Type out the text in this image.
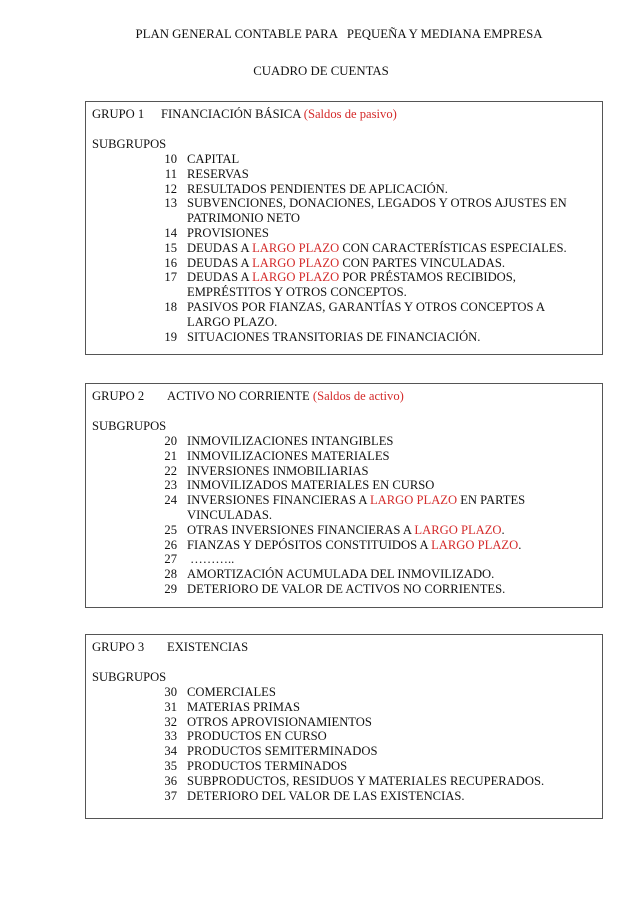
PLAN GENERAL CONTABLE PARA   PEQUEÑA Y MEDIANA EMPRESA
CUADRO DE CUENTAS
GRUPO 1 FINANCIACIÓN BÁSICA (Saldos de pasivo)
SUBGRUPOS
10 CAPITAL
11 RESERVAS
12 RESULTADOS PENDIENTES DE APLICACIÓN.
13 SUBVENCIONES, DONACIONES, LEGADOS Y OTROS AJUSTES EN PATRIMONIO NETO
14 PROVISIONES
15 DEUDAS A LARGO PLAZO CON CARACTERÍSTICAS ESPECIALES.
16 DEUDAS A LARGO PLAZO CON PARTES VINCULADAS.
17 DEUDAS A LARGO PLAZO POR PRÉSTAMOS RECIBIDOS, EMPRÉSTITOS Y OTROS CONCEPTOS.
18 PASIVOS POR FIANZAS, GARANTÍAS Y OTROS CONCEPTOS A LARGO PLAZO.
19 SITUACIONES TRANSITORIAS DE FINANCIACIÓN.
GRUPO 2 ACTIVO NO CORRIENTE (Saldos de activo)
SUBGRUPOS
20 INMOVILIZACIONES INTANGIBLES
21 INMOVILIZACIONES MATERIALES
22 INVERSIONES INMOBILIARIAS
23 INMOVILIZADOS MATERIALES EN CURSO
24 INVERSIONES FINANCIERAS A LARGO PLAZO EN PARTES VINCULADAS.
25 OTRAS INVERSIONES FINANCIERAS A LARGO PLAZO.
26 FIANZAS Y DEPÓSITOS CONSTITUIDOS A LARGO PLAZO.
27 ………..
28 AMORTIZACIÓN ACUMULADA DEL INMOVILIZADO.
29 DETERIORO DE VALOR DE ACTIVOS NO CORRIENTES.
GRUPO 3 EXISTENCIAS
SUBGRUPOS
30 COMERCIALES
31 MATERIAS PRIMAS
32 OTROS APROVISIONAMIENTOS
33 PRODUCTOS EN CURSO
34 PRODUCTOS SEMITERMINADOS
35 PRODUCTOS TERMINADOS
36 SUBPRODUCTOS, RESIDUOS Y MATERIALES RECUPERADOS.
37 DETERIORO DEL VALOR DE LAS EXISTENCIAS.
